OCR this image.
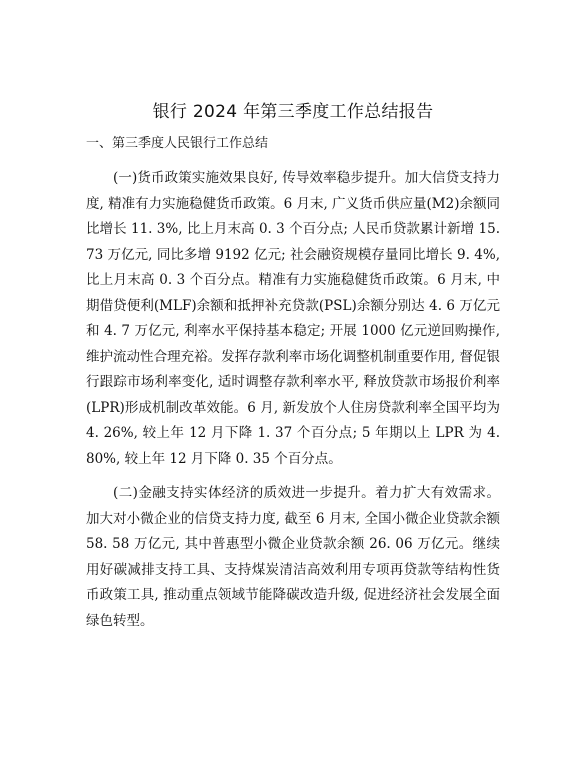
银行 2024 年第三季度工作总结报告
一、第三季度人民银行工作总结

(一)货币政策实施效果良好, 传导效率稳步提升。加大信贷支持力度, 精准有力实施稳健货币政策。6 月末, 广义货币供应量(M2)余额同比增长 11. 3%, 比上月末高 0. 3 个百分点; 人民币贷款累计新增 15. 73 万亿元, 同比多增 9192 亿元; 社会融资规模存量同比增长 9. 4%, 比上月末高 0. 3 个百分点。精准有力实施稳健货币政策。6 月末, 中期借贷便利(MLF)余额和抵押补充贷款(PSL)余额分别达 4. 6 万亿元和 4. 7 万亿元, 利率水平保持基本稳定; 开展 1000 亿元逆回购操作, 维护流动性合理充裕。发挥存款利率市场化调整机制重要作用, 督促银行跟踪市场利率变化, 适时调整存款利率水平, 释放贷款市场报价利率(LPR)形成机制改革效能。6 月, 新发放个人住房贷款利率全国平均为 4. 26%, 较上年 12 月下降 1. 37 个百分点; 5 年期以上 LPR 为 4. 80%, 较上年 12 月下降 0. 35 个百分点。

(二)金融支持实体经济的质效进一步提升。着力扩大有效需求。加大对小微企业的信贷支持力度, 截至 6 月末, 全国小微企业贷款余额 58. 58 万亿元, 其中普惠型小微企业贷款余额 26. 06 万亿元。继续用好碳减排支持工具、支持煤炭清洁高效利用专项再贷款等结构性货币政策工具, 推动重点领域节能降碳改造升级, 促进经济社会发展全面绿色转型。
